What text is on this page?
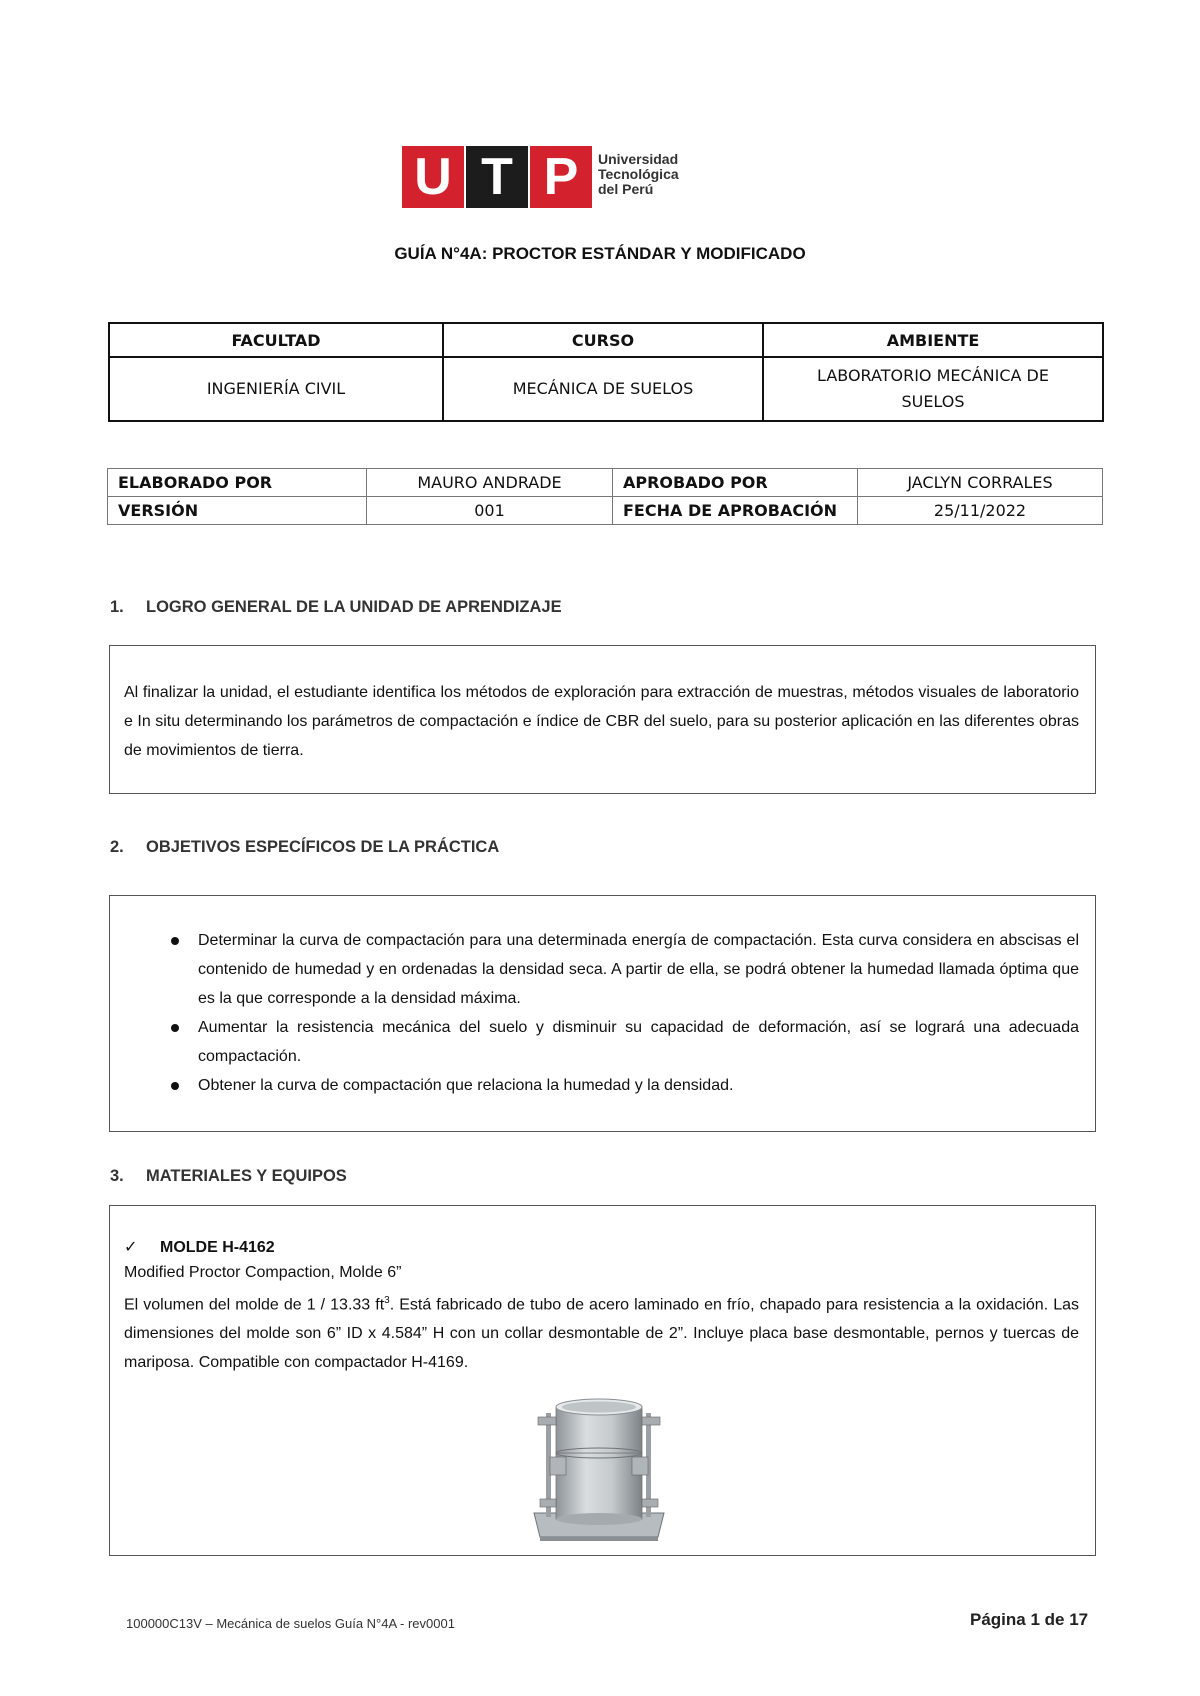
U T P	Universidad
Tecnológica
del Perú
GUÍA N°4A: PROCTOR ESTÁNDAR Y MODIFICADO
FACULTAD	CURSO	AMBIENTE
INGENIERÍA CIVIL	MECÁNICA DE SUELOS	LABORATORIO MECÁNICA DE SUELOS
ELABORADO POR	MAURO ANDRADE	APROBADO POR	JACLYN CORRALES
VERSIÓN	001	FECHA DE APROBACIÓN	25/11/2022
1. LOGRO GENERAL DE LA UNIDAD DE APRENDIZAJE
Al finalizar la unidad, el estudiante identifica los métodos de exploración para extracción de muestras, métodos visuales de laboratorio e In situ determinando los parámetros de compactación e índice de CBR del suelo, para su posterior aplicación en las diferentes obras de movimientos de tierra.
2. OBJETIVOS ESPECÍFICOS DE LA PRÁCTICA
Determinar la curva de compactación para una determinada energía de compactación. Esta curva considera en abscisas el contenido de humedad y en ordenadas la densidad seca. A partir de ella, se podrá obtener la humedad llamada óptima que es la que corresponde a la densidad máxima.
Aumentar la resistencia mecánica del suelo y disminuir su capacidad de deformación, así se logrará una adecuada compactación.
Obtener la curva de compactación que relaciona la humedad y la densidad.
3. MATERIALES Y EQUIPOS
✓ MOLDE H-4162
Modified Proctor Compaction, Molde 6”
El volumen del molde de 1 / 13.33 $ft^3$. Está fabricado de tubo de acero laminado en frío, chapado para resistencia a la oxidación. Las dimensiones del molde son 6” ID x 4.584” H con un collar desmontable de 2”. Incluye placa base desmontable, pernos y tuercas de mariposa. Compatible con compactador H-4169.
100000C13V – Mecánica de suelos Guía N°4A - rev0001	Página 1 de 17
